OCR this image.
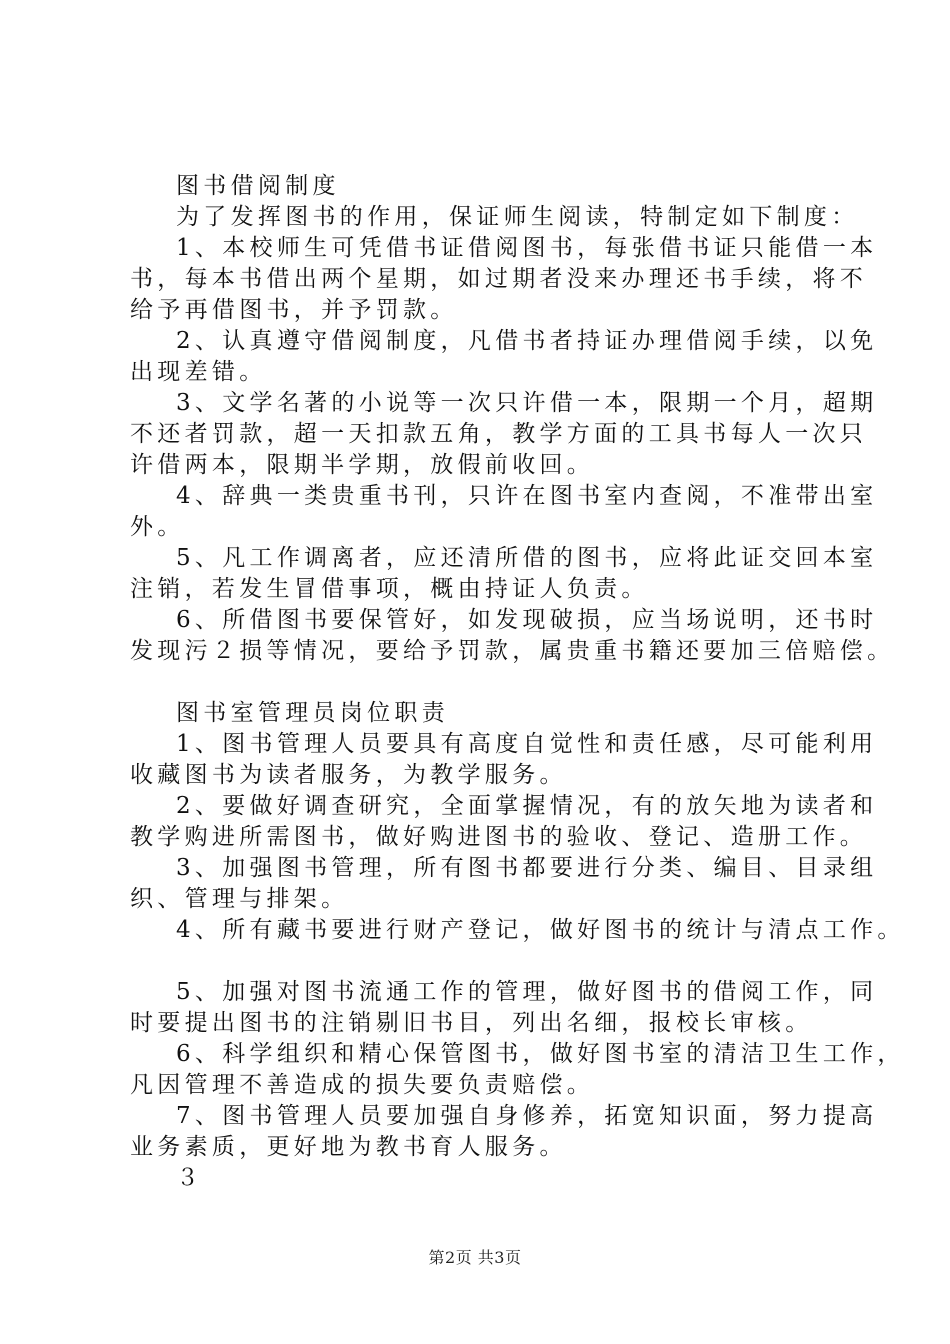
图书借阅制度

为了发挥图书的作用，保证师生阅读，特制定如下制度：

1、本校师生可凭借书证借阅图书，每张借书证只能借一本

书，每本书借出两个星期，如过期者没来办理还书手续，将不

给予再借图书，并予罚款。

2、认真遵守借阅制度，凡借书者持证办理借阅手续，以免

出现差错。

3、文学名著的小说等一次只许借一本，限期一个月，超期

不还者罚款，超一天扣款五角，教学方面的工具书每人一次只

许借两本，限期半学期，放假前收回。

4、辞典一类贵重书刊，只许在图书室内查阅，不准带出室

外。

5、凡工作调离者，应还清所借的图书，应将此证交回本室

注销，若发生冒借事项，概由持证人负责。

6、所借图书要保管好，如发现破损，应当场说明，还书时

发现污２损等情况，要给予罚款，属贵重书籍还要加三倍赔偿。

图书室管理员岗位职责

1、图书管理人员要具有高度自觉性和责任感，尽可能利用

收藏图书为读者服务，为教学服务。

2、要做好调查研究，全面掌握情况，有的放矢地为读者和

教学购进所需图书，做好购进图书的验收、登记、造册工作。

3、加强图书管理，所有图书都要进行分类、编目、目录组

织、管理与排架。

4、所有藏书要进行财产登记，做好图书的统计与清点工作。

5、加强对图书流通工作的管理，做好图书的借阅工作，同

时要提出图书的注销剔旧书目，列出名细，报校长审核。

6、科学组织和精心保管图书，做好图书室的清洁卫生工作，

凡因管理不善造成的损失要负责赔偿。

7、图书管理人员要加强自身修养，拓宽知识面，努力提高

业务素质，更好地为教书育人服务。

３

第2页 共3页
